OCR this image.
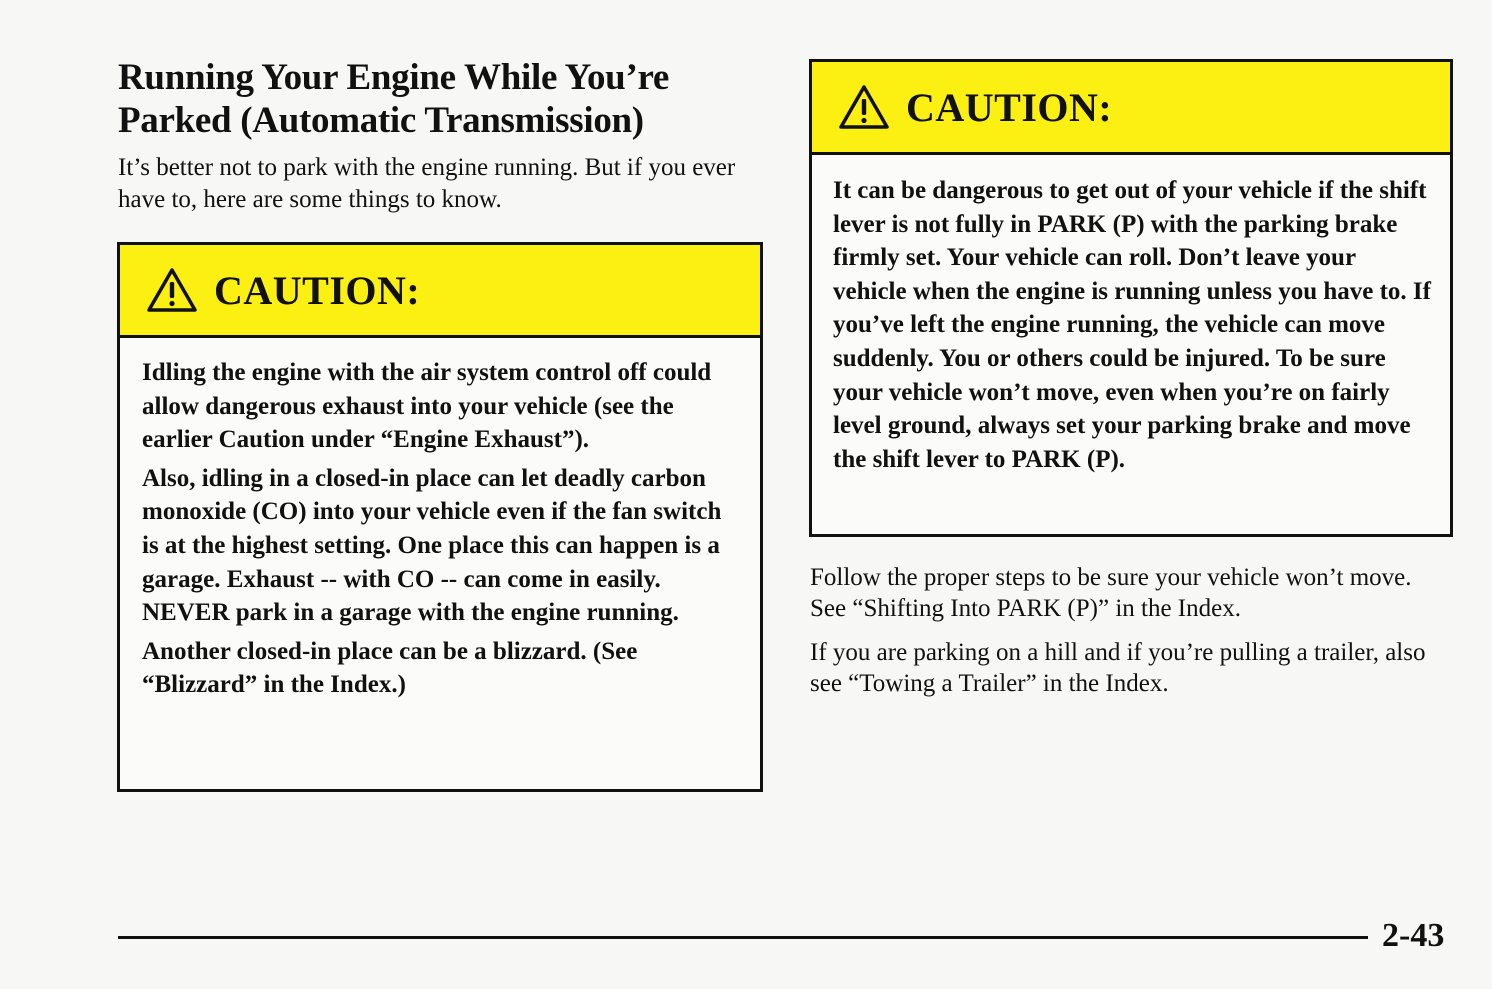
Running Your Engine While You’re
Parked (Automatic Transmission)

It’s better not to park with the engine running. But if you ever have to, here are some things to know.

CAUTION:

Idling the engine with the air system control off could allow dangerous exhaust into your vehicle (see the earlier Caution under “Engine Exhaust”).

Also, idling in a closed-in place can let deadly carbon monoxide (CO) into your vehicle even if the fan switch is at the highest setting. One place this can happen is a garage. Exhaust -- with CO -- can come in easily. NEVER park in a garage with the engine running.

Another closed-in place can be a blizzard. (See “Blizzard” in the Index.)

CAUTION:

It can be dangerous to get out of your vehicle if the shift lever is not fully in PARK (P) with the parking brake firmly set. Your vehicle can roll. Don’t leave your vehicle when the engine is running unless you have to. If you’ve left the engine running, the vehicle can move suddenly. You or others could be injured. To be sure your vehicle won’t move, even when you’re on fairly level ground, always set your parking brake and move the shift lever to PARK (P).

Follow the proper steps to be sure your vehicle won’t move. See “Shifting Into PARK (P)” in the Index.

If you are parking on a hill and if you’re pulling a trailer, also see “Towing a Trailer” in the Index.

2-43
